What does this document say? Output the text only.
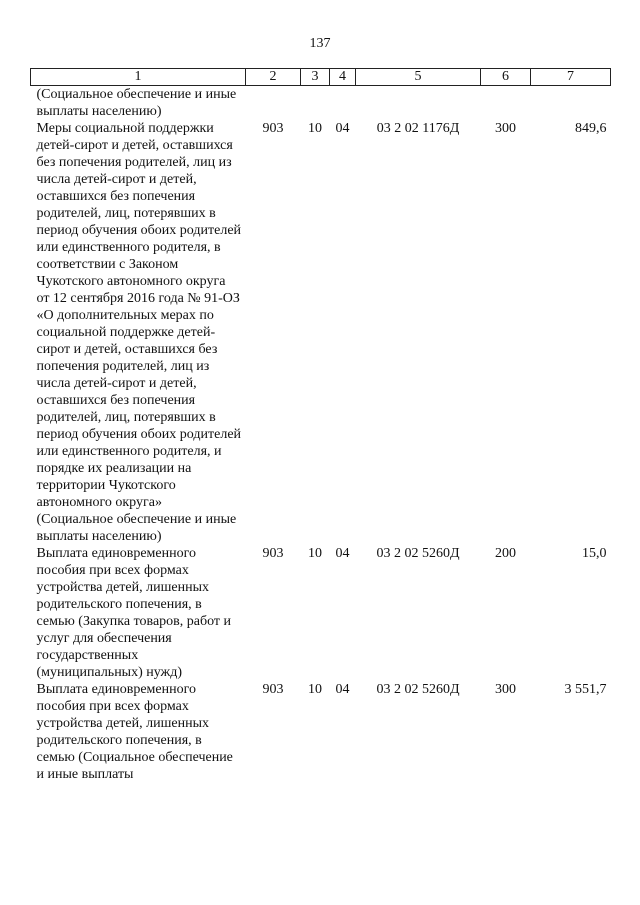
137
1	2	3	4	5	6	7
(Социальное обеспечение и иные выплаты населению)						
Меры социальной поддержки детей-сирот и детей, оставшихся без попечения родителей, лиц из числа детей-сирот и детей, оставшихся без попечения родителей, лиц, потерявших в период обучения обоих родителей или единственного родителя, в соответствии с Законом Чукотского автономного округа от 12 сентября 2016 года № 91-ОЗ «О дополнительных мерах по социальной поддержке детей-сирот и детей, оставшихся без попечения родителей, лиц из числа детей-сирот и детей, оставшихся без попечения родителей, лиц, потерявших в период обучения обоих родителей или единственного родителя, и порядке их реализации на территории Чукотского автономного округа» (Социальное обеспечение и иные выплаты населению)	903	10	04	03 2 02 1176Д	300	849,6
Выплата единовременного пособия при всех формах устройства детей, лишенных родительского попечения, в семью (Закупка товаров, работ и услуг для обеспечения государственных (муниципальных) нужд)	903	10	04	03 2 02 5260Д	200	15,0
Выплата единовременного пособия при всех формах устройства детей, лишенных родительского попечения, в семью (Социальное обеспечение и иные выплаты	903	10	04	03 2 02 5260Д	300	3 551,7
